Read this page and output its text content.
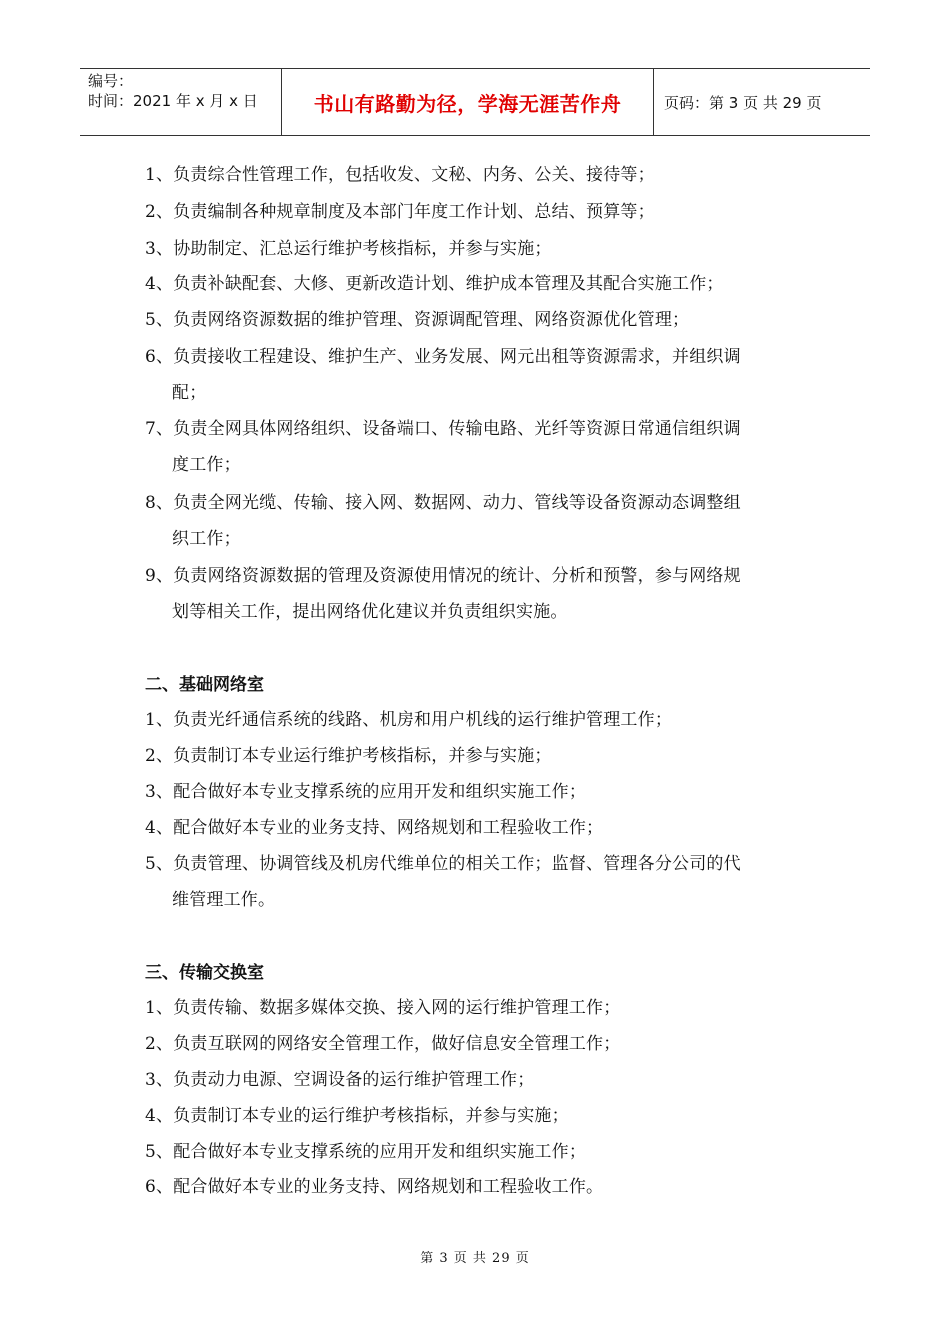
编号：
时间：2021 年 x 月 x 日	书山有路勤为径，学海无涯苦作舟	页码：第 3 页 共 29 页
1、负责综合性管理工作，包括收发、文秘、内务、公关、接待等；
2、负责编制各种规章制度及本部门年度工作计划、总结、预算等；
3、协助制定、汇总运行维护考核指标，并参与实施；
4、负责补缺配套、大修、更新改造计划、维护成本管理及其配合实施工作；
5、负责网络资源数据的维护管理、资源调配管理、网络资源优化管理；
6、负责接收工程建设、维护生产、业务发展、网元出租等资源需求，并组织调
配；
7、负责全网具体网络组织、设备端口、传输电路、光纤等资源日常通信组织调
度工作；
8、负责全网光缆、传输、接入网、数据网、动力、管线等设备资源动态调整组
织工作；
9、负责网络资源数据的管理及资源使用情况的统计、分析和预警，参与网络规
划等相关工作，提出网络优化建议并负责组织实施。
二、基础网络室
1、负责光纤通信系统的线路、机房和用户机线的运行维护管理工作；
2、负责制订本专业运行维护考核指标，并参与实施；
3、配合做好本专业支撑系统的应用开发和组织实施工作；
4、配合做好本专业的业务支持、网络规划和工程验收工作；
5、负责管理、协调管线及机房代维单位的相关工作；监督、管理各分公司的代
维管理工作。
三、传输交换室
1、负责传输、数据多媒体交换、接入网的运行维护管理工作；
2、负责互联网的网络安全管理工作，做好信息安全管理工作；
3、负责动力电源、空调设备的运行维护管理工作；
4、负责制订本专业的运行维护考核指标，并参与实施；
5、配合做好本专业支撑系统的应用开发和组织实施工作；
6、配合做好本专业的业务支持、网络规划和工程验收工作。
第 3 页 共 29 页
